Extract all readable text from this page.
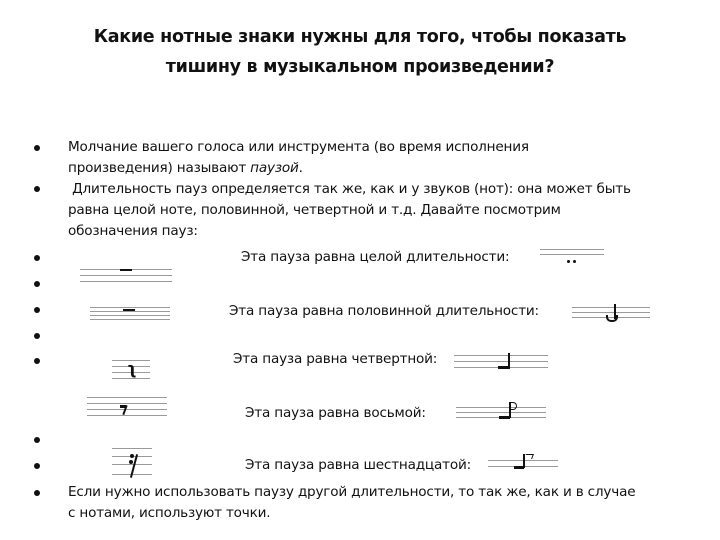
Какие нотные знаки нужны для того, чтобы показать
тишину в музыкальном произведении?
Молчание вашего голоса или инструмента (во время исполнения
произведения) называют паузой.
Длительность пауз определяется так же, как и у звуков (нот): она может быть
равна целой ноте, половинной, четвертной и т.д. Давайте посмотрим
обозначения пауз:
Эта пауза равна целой длительности:
Эта пауза равна половинной длительности:
ʅ	Эта пауза равна четвертной:
Эта пауза равна восьмой:
Эта пауза равна шестнадцатой:
Если нужно использовать паузу другой длительности, то так же, как и в случае
с нотами, используют точки.
